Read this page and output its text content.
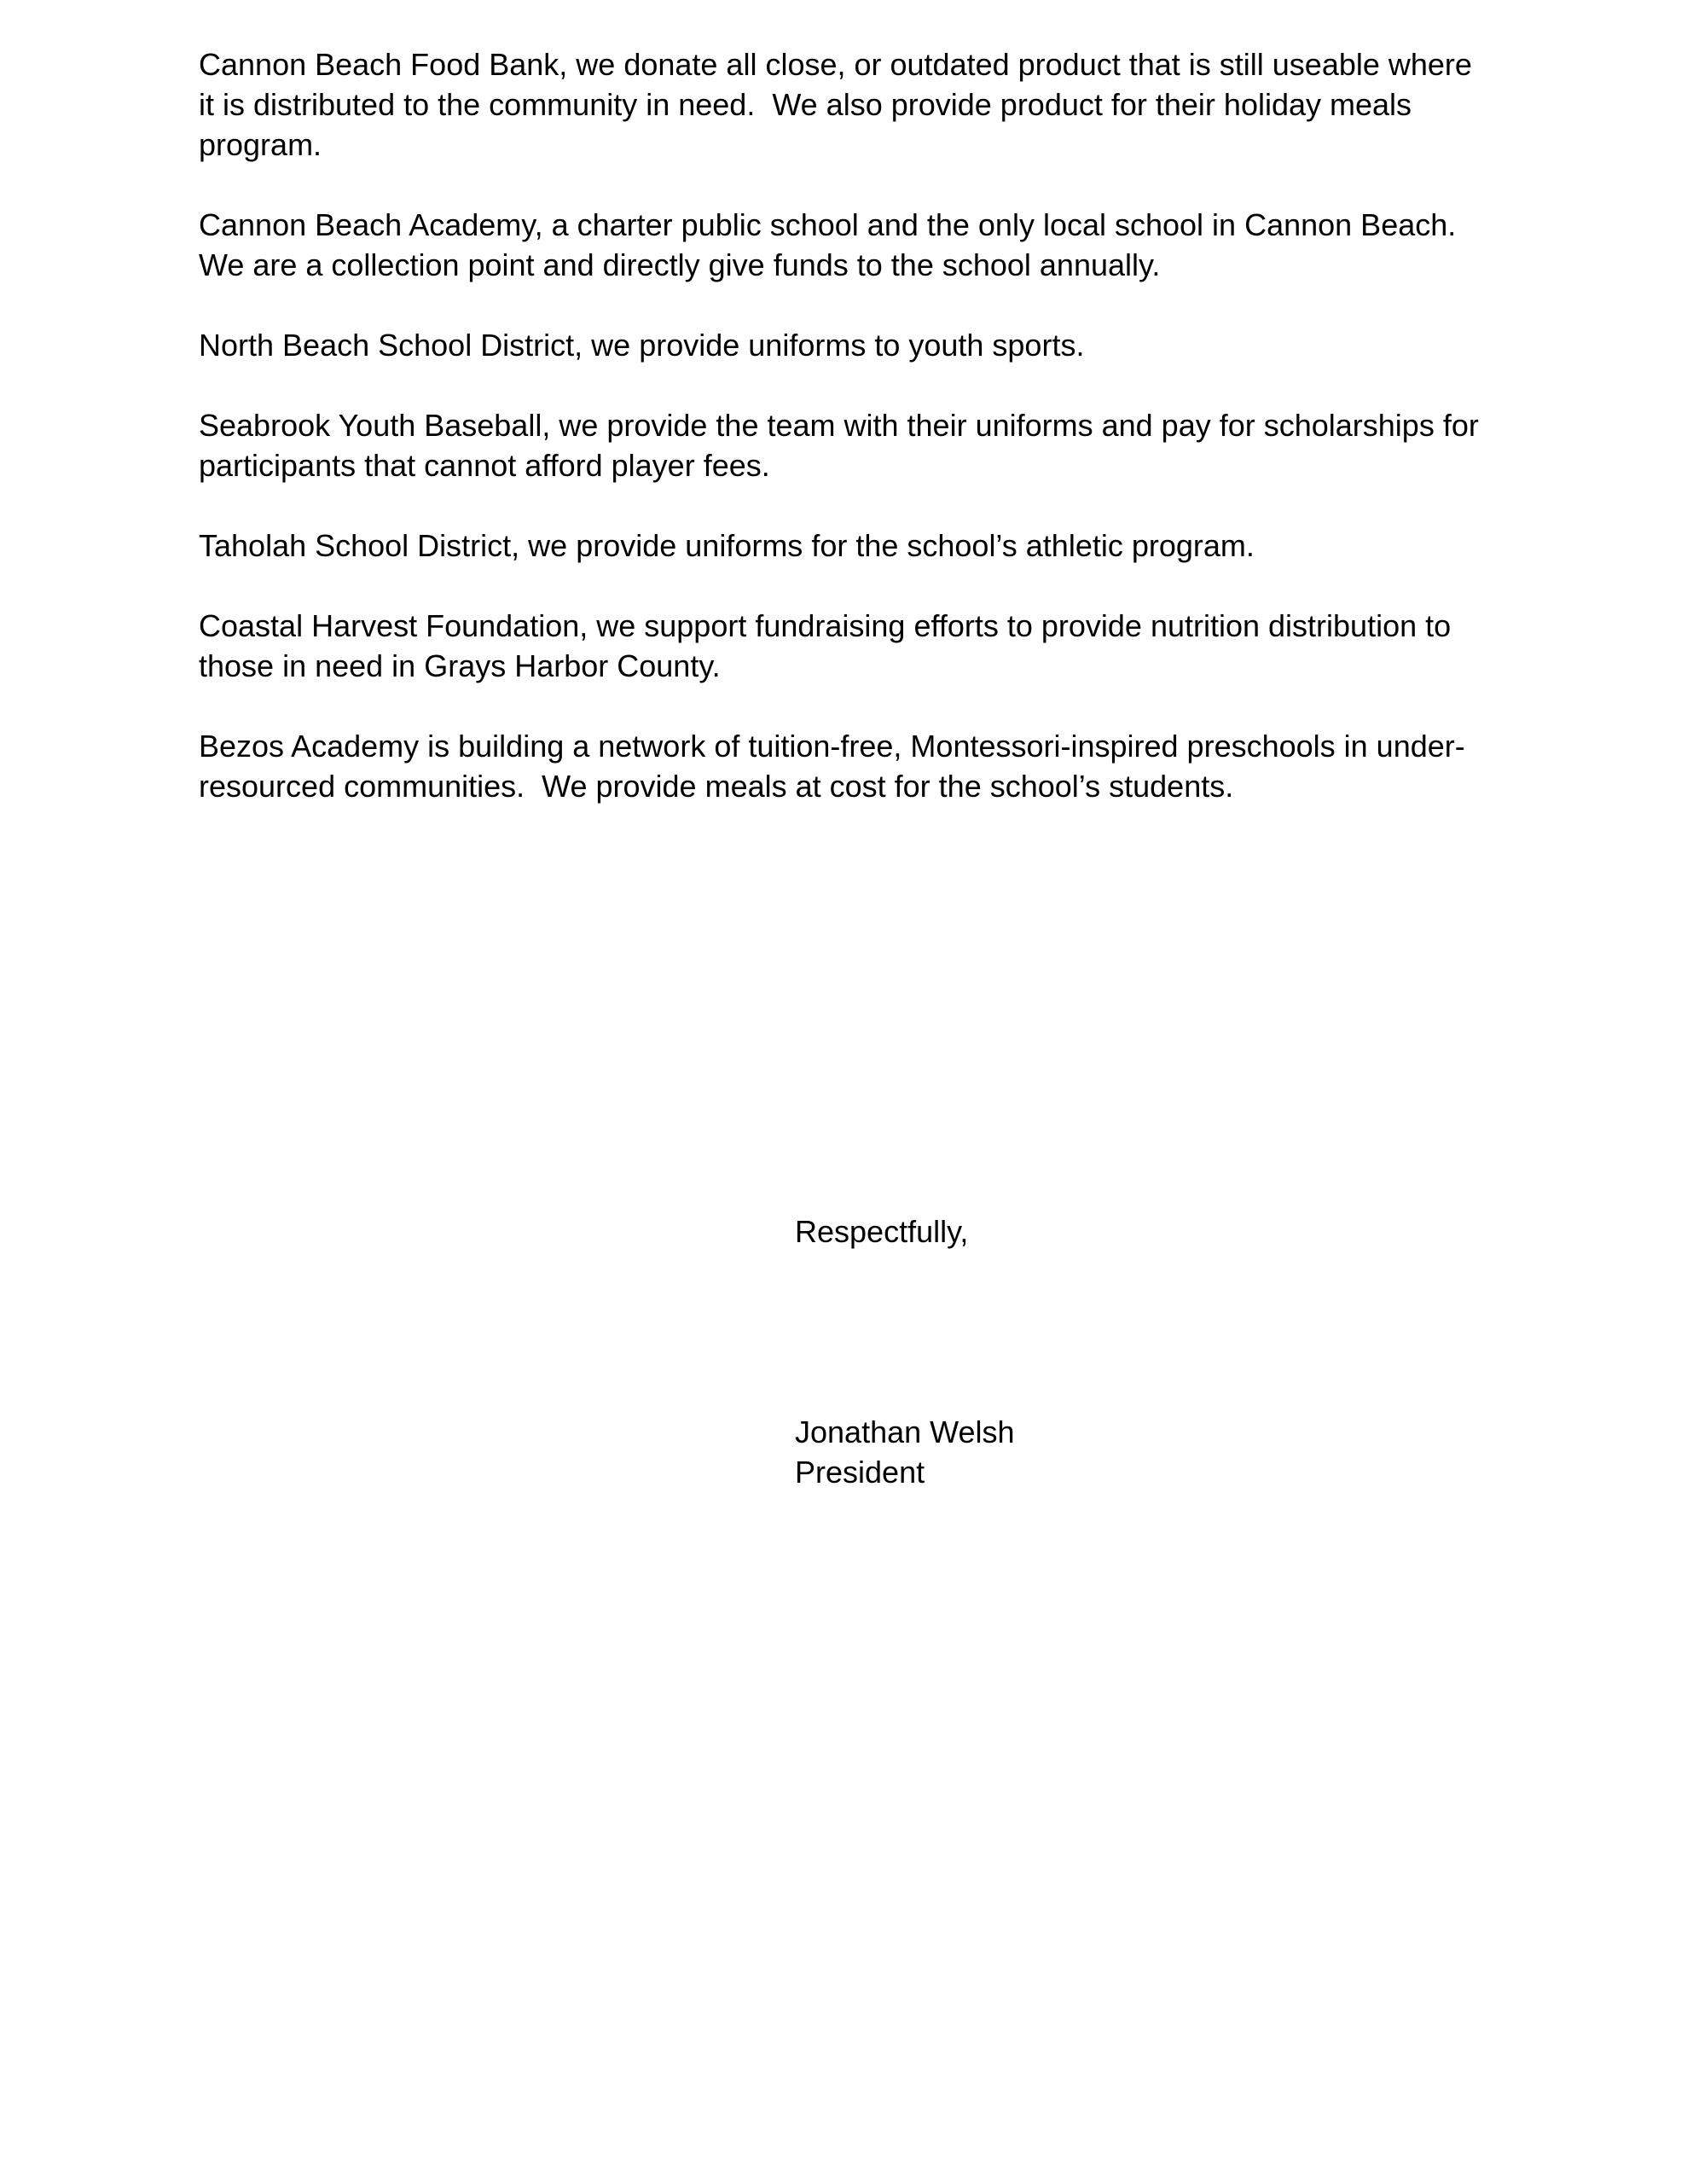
Cannon Beach Food Bank, we donate all close, or outdated product that is still useable where it is distributed to the community in need.  We also provide product for their holiday meals program.

Cannon Beach Academy, a charter public school and the only local school in Cannon Beach. We are a collection point and directly give funds to the school annually.

North Beach School District, we provide uniforms to youth sports.

Seabrook Youth Baseball, we provide the team with their uniforms and pay for scholarships for participants that cannot afford player fees.

Taholah School District, we provide uniforms for the school’s athletic program.

Coastal Harvest Foundation, we support fundraising efforts to provide nutrition distribution to those in need in Grays Harbor County.

Bezos Academy is building a network of tuition-free, Montessori-inspired preschools in under-resourced communities.  We provide meals at cost for the school’s students.

Respectfully,
Jonathan Welsh
President
